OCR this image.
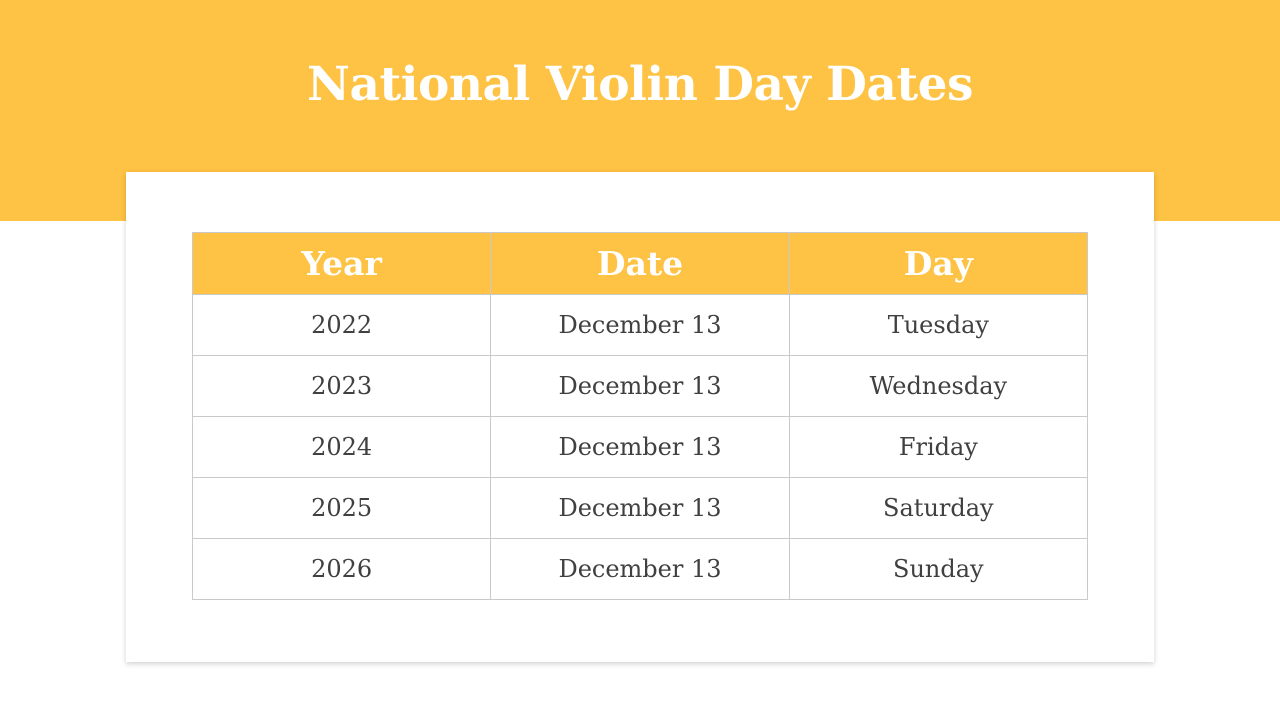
National Violin Day Dates
Year	Date	Day
2022	December 13	Tuesday
2023	December 13	Wednesday
2024	December 13	Friday
2025	December 13	Saturday
2026	December 13	Sunday
